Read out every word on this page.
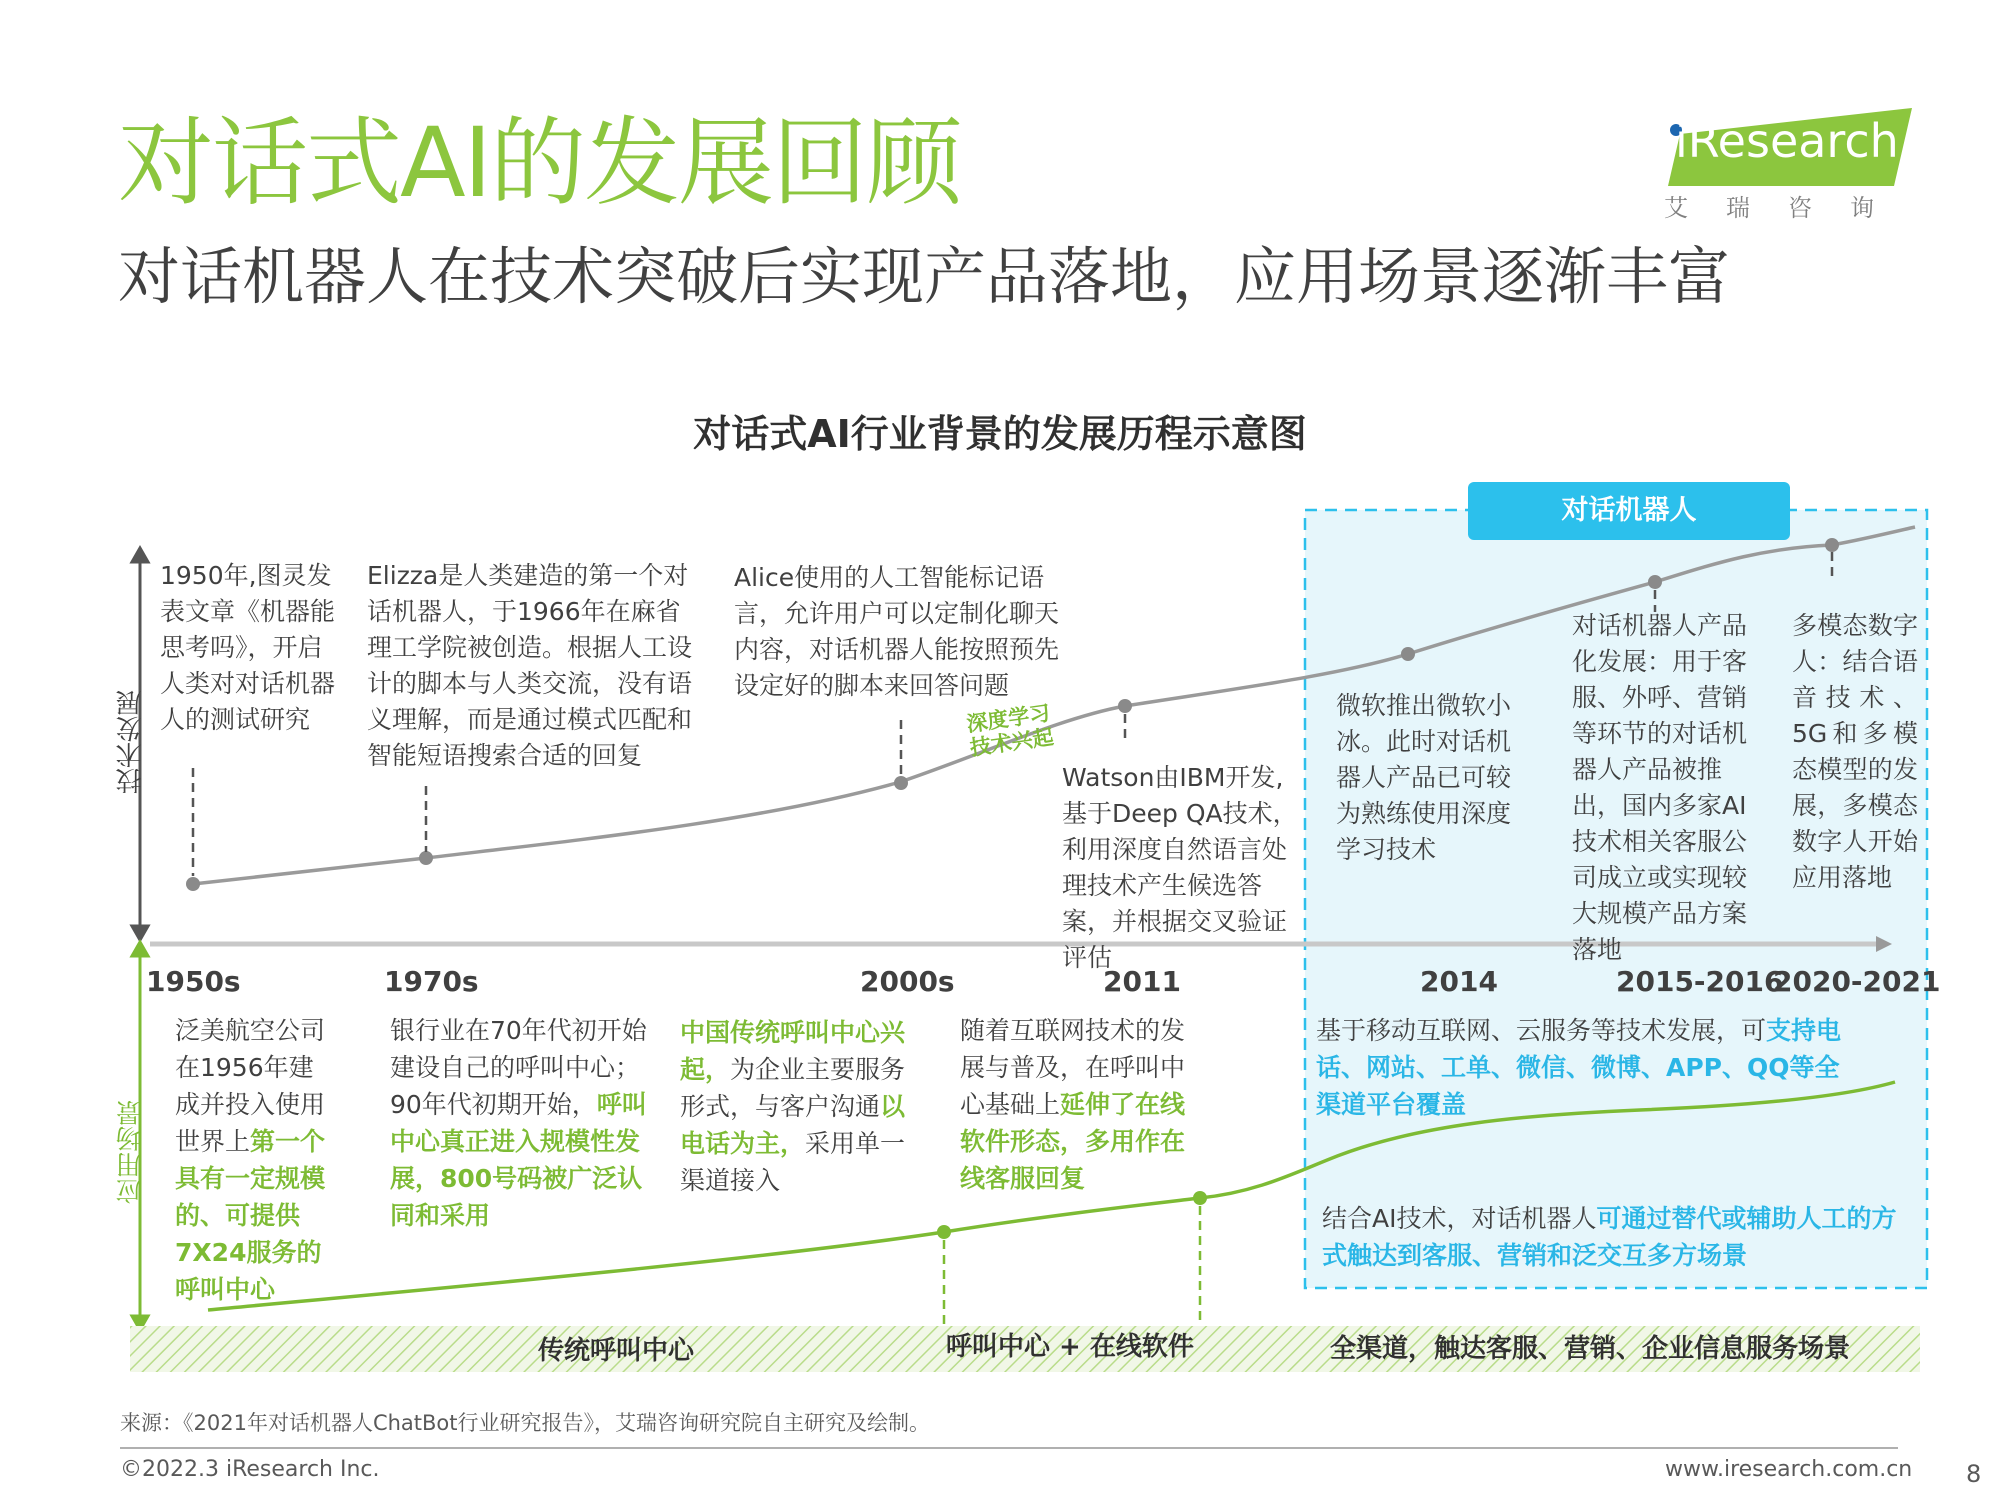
对话式AI的发展回顾
对话机器人在技术突破后实现产品落地，应用场景逐渐丰富
iResearch
艾瑞咨询
对话式AI行业背景的发展历程示意图
对话机器人
技术发展
应用场景
深度学习技术兴起
1950年,图灵发表文章《机器能思考吗》，开启人类对对话机器人的测试研究
Elizza是人类建造的第一个对话机器人，于1966年在麻省理工学院被创造。根据人工设计的脚本与人类交流，没有语义理解，而是通过模式匹配和智能短语搜索合适的回复
Alice使用的人工智能标记语言，允许用户可以定制化聊天内容，对话机器人能按照预先设定好的脚本来回答问题
Watson由IBM开发,基于Deep QA技术，利用深度自然语言处理技术产生候选答案，并根据交叉验证评估
微软推出微软小冰。此时对话机器人产品已可较为熟练使用深度学习技术
对话机器人产品化发展：用于客服、外呼、营销等环节的对话机器人产品被推出，国内多家AI技术相关客服公司成立或实现较大规模产品方案落地
多模态数字人：结合语音技术、5G和多模态模型的发展，多模态数字人开始应用落地
1950s	1970s	2000s	2011	2014	2015-2016
2020-2021
泛美航空公司在1956年建成并投入使用世界上第一个具有一定规模的、可提供7X24服务的呼叫中心
银行业在70年代初开始建设自己的呼叫中心；90年代初期开始，呼叫中心真正进入规模性发展，800号码被广泛认同和采用
中国传统呼叫中心兴起，为企业主要服务形式，与客户沟通以电话为主，采用单一渠道接入
随着互联网技术的发展与普及，在呼叫中心基础上延伸了在线软件形态，多用作在线客服回复
基于移动互联网、云服务等技术发展，可支持电话、网站、工单、微信、微博、APP、QQ等全渠道平台覆盖
结合AI技术，对话机器人可通过替代或辅助人工的方式触达到客服、营销和泛交互多方场景
传统呼叫中心	呼叫中心 + 在线软件	全渠道，触达客服、营销、企业信息服务场景
来源：《2021年对话机器人ChatBot行业研究报告》，艾瑞咨询研究院自主研究及绘制。
©2022.3 iResearch Inc.	www.iresearch.com.cn 8
